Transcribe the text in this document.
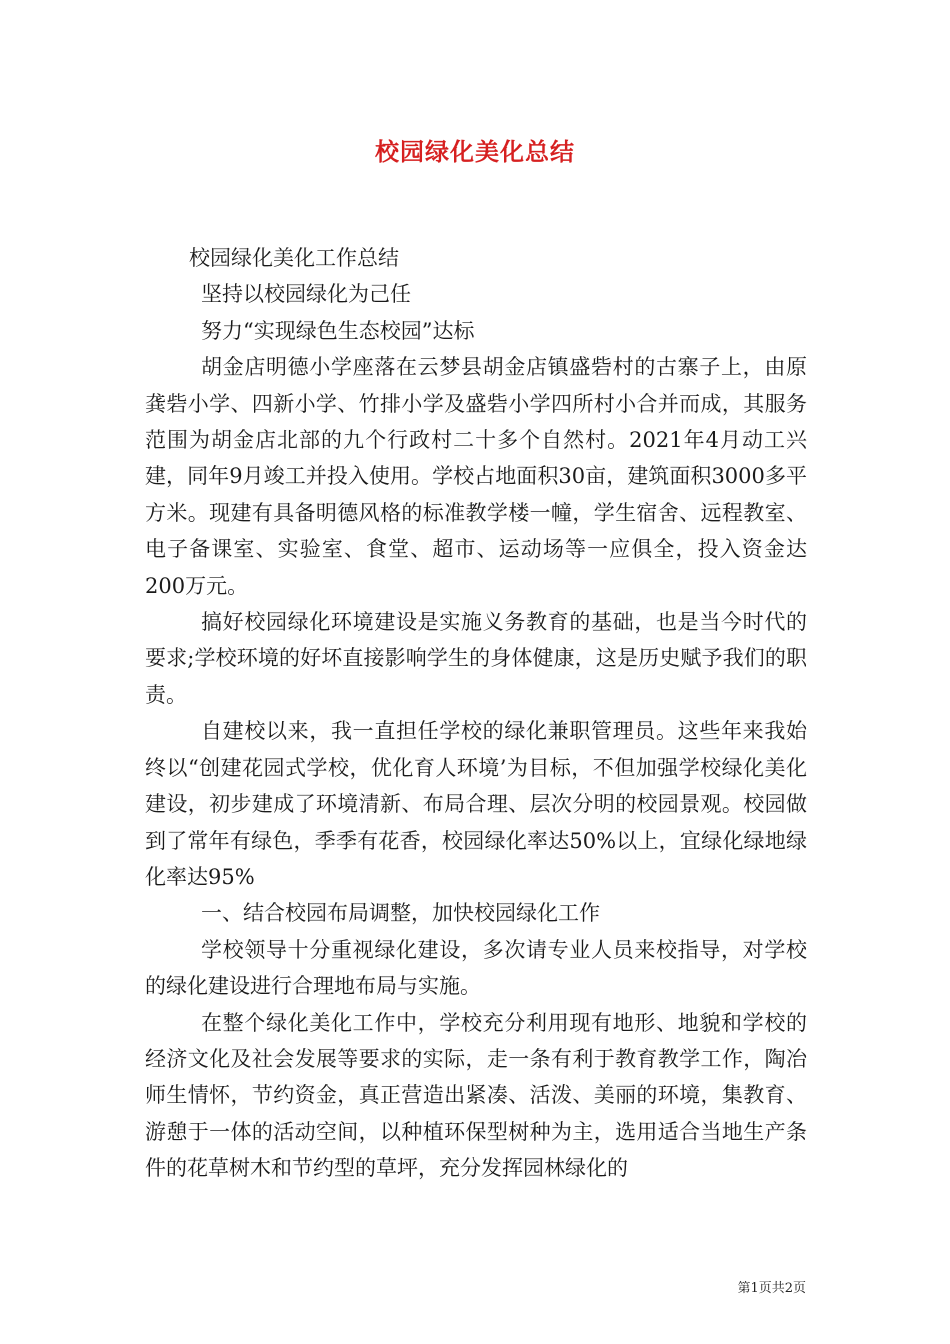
校园绿化美化总结

校园绿化美化工作总结

坚持以校园绿化为己任

努力“实现绿色生态校园”达标

胡金店明德小学座落在云梦县胡金店镇盛砦村的古寨子上，由原龚砦小学、四新小学、竹排小学及盛砦小学四所村小合并而成，其服务范围为胡金店北部的九个行政村二十多个自然村。2021年4月动工兴建，同年9月竣工并投入使用。学校占地面积30亩，建筑面积3000多平方米。现建有具备明德风格的标准教学楼一幢，学生宿舍、远程教室、电子备课室、实验室、食堂、超市、运动场等一应俱全，投入资金达200万元。

搞好校园绿化环境建设是实施义务教育的基础，也是当今时代的要求;学校环境的好坏直接影响学生的身体健康，这是历史赋予我们的职责。

自建校以来，我一直担任学校的绿化兼职管理员。这些年来我始终以“创建花园式学校，优化育人环境’为目标，不但加强学校绿化美化建设，初步建成了环境清新、布局合理、层次分明的校园景观。校园做到了常年有绿色，季季有花香，校园绿化率达50%以上，宜绿化绿地绿化率达95%

一、结合校园布局调整，加快校园绿化工作

学校领导十分重视绿化建设，多次请专业人员来校指导，对学校的绿化建设进行合理地布局与实施。

在整个绿化美化工作中，学校充分利用现有地形、地貌和学校的经济文化及社会发展等要求的实际，走一条有利于教育教学工作，陶冶师生情怀，节约资金，真正营造出紧凑、活泼、美丽的环境，集教育、游憩于一体的活动空间，以种植环保型树种为主，选用适合当地生产条件的花草树木和节约型的草坪，充分发挥园林绿化的

第1页共2页
